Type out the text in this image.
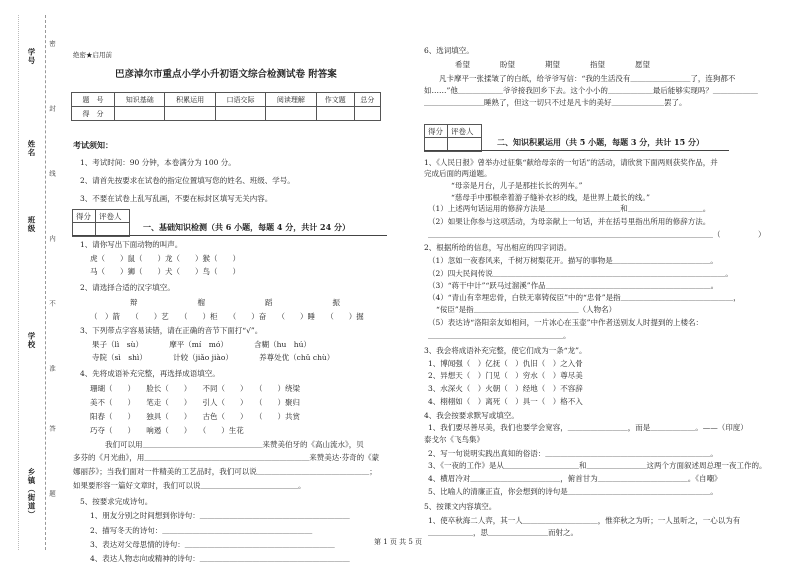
学号
姓名
班级
学校
乡镇（街道）
密
封
线
内
不
准
答
题
绝密★启用前
巴彦淖尔市重点小学小升初语文综合检测试卷 附答案
题　号	知识基础	积累运用	口语交际	阅读理解	作文题	总分
得　分						
考试须知：
1、考试时间：90 分钟，本卷满分为 100 分。
2、请首先按要求在试卷的指定位置填写您的姓名、班级、学号。
3、不要在试卷上乱写乱画，不要在标封区填写无关内容。
得分 评卷人
一、基础知识检测（共 6 小题，每题 4 分，共计 24 分）
1、请你写出下面动物的叫声。
虎（　　）鼠（　　）龙（　　）猴（　　）
马（　　）狮（　　）犬（　　）鸟（　　）
2、请选择合适的汉字填空。
辩　　　　　　　　榴　　　　　　　　蹈　　　　　　　　振
（　）箭　　（　　）艺　　（　　）柜　　（　　）奋　　（　　）睡　　（　　）掘
3、下列带点字容易读错，请在正确的音节下面打“√”。
果子（lì　sù）　　　　摩平（mí　mó）　　　　含糊（hu　hú）
寺院（sì　shì）　　　　计较（jiǎo jiào）　　　　养尊处优（chǔ chù）
4、先将成语补充完整，再选择成语填空。
珊瑚（　　）　　脸长（　　）　　不同（　　）　　（　　）绕梁
美不（　　）　　笔走（　　）　　引人（　　）　　（　　）聚归
阳春（　　）　　独具（　　）　　古色（　　）　　（　　）共赏
巧夺（　　）　　响遏（　　）　　（　　）生花
　　我们可以用＿＿＿＿＿＿＿＿＿＿＿＿＿＿＿＿来赞美伯牙的《高山流水》，贝
多芬的《月光曲》，用＿＿＿＿＿＿＿＿＿＿＿＿＿＿＿＿＿＿＿＿＿＿来赞美达·芬奇的《蒙
娜丽莎》；当我们面对一件精美的工艺品时，我们可以说＿＿＿＿＿＿＿＿＿＿＿＿＿＿＿；
如果要形容一篇好文章时，我们可以说＿＿＿＿＿＿＿＿＿＿＿＿＿。
5、按要求完成诗句。
1、朋友分别之时间想到你诗句：＿＿＿＿＿＿＿＿＿＿＿＿＿＿＿＿＿＿＿＿
2、描写冬天的诗句：＿＿＿＿＿＿＿＿＿＿＿＿＿＿＿＿＿＿＿＿
3、表达对父母思情的诗句：＿＿＿＿＿＿＿＿＿＿＿＿＿＿＿＿＿＿＿＿
4、表达人物志向或精神的诗句：＿＿＿＿＿＿＿＿＿＿＿＿＿＿＿＿＿＿＿＿
6、选词填空。
希望　　　　盼望　　　　期望　　　　指望　　　　愿望
　　凡卡摩平一张揉皱了的白纸，给爷爷写信：“我的生活没有＿＿＿＿＿＿＿＿了，连狗都不
如……”他＿＿＿＿＿＿爷爷接我回乡下去。这个小小的＿＿＿＿＿＿最后能够实现吗？＿＿＿＿＿＿
＿＿＿＿＿＿＿＿睡熟了，但这一切只不过是凡卡的美好＿＿＿＿＿＿＿罢了。
得分 评卷人
二、知识积累运用（共 5 小题，每题 3 分，共计 15 分）
1、《人民日报》曾举办过征集“献给母亲的一句话”的活动，请欣赏下面两则获奖作品，并
完成后面的两道题。
　　“母亲是月台，儿子是那挂长长的列车。”
　　“慈母手中那根牵着游子缝补衣衫的线，是世界上最长的线。”
（1）上述两句话运用的修辞方法是＿＿＿＿＿＿＿＿＿＿和＿＿＿＿＿＿＿＿＿＿。
（2）如果让你参与这项活动，为母亲献上一句话，并在括号里指出所用的修辞方法。
＿＿＿＿＿＿＿＿＿＿＿＿＿＿＿＿＿＿＿＿＿＿＿＿＿＿＿＿＿＿＿＿＿＿＿＿＿＿（　　　　　）
2、根据所给的信息，写出相应的四字词语。
（1）忽如一夜春风来，千树万树梨花开。描写的事物是＿＿＿＿＿＿＿＿＿＿＿＿＿。
（2）四大民间传说＿＿＿＿＿＿＿＿＿＿＿＿＿＿＿＿＿＿＿＿＿＿＿＿＿＿＿＿＿＿＿。
（3）“蒋干中计”“跃马过溜溪”作品＿＿＿＿＿＿＿＿＿＿＿＿＿＿＿＿＿＿＿＿＿＿。
（4）“青山有幸埋忠骨，白铁无辜铸佞臣”中的“忠骨”是指＿＿＿＿＿＿＿＿＿＿＿＿＿＿＿，
“佞臣”是指＿＿＿＿＿＿＿＿＿＿＿＿＿＿（人物名）
（5）表达诗“洛阳亲友如相问，一片冰心在玉壶”中作者送别友人时提到的上楼名：
＿＿＿＿＿＿＿＿＿＿＿＿＿＿＿＿＿＿。
3、我会将成语补充完整，使它们成为一条“龙”。
1、博闻强（　）亿抚（　）仇旧（　）之入骨
2、异想天（　）门见（　）穷水（　）尊尽美
3、水深火（　）火朝（　）经地（　）不容辞
4、栩栩如（　）离死（　）具一（　）格不入
4、我会按要求默写或填空。
1、我们要尽善尽美，我们也要学会宽容，＿＿＿＿＿＿＿＿，而是＿＿＿＿＿＿。——（印度）
泰戈尔《飞鸟集》
2、写一句说明实践出真知的俗语：＿＿＿＿＿＿＿＿＿＿＿＿＿＿＿＿＿＿＿＿＿＿。
3、《一夜的工作》是从＿＿＿＿＿＿＿＿＿＿和＿＿＿＿＿＿＿＿这两个方面叙述周总理一夜工作的。
4、横眉冷对＿＿＿＿＿＿＿＿＿＿＿＿，俯首甘为＿＿＿＿＿＿＿＿＿＿＿＿。《自嘲》
5、比喻人的清廉正直，你会想到的诗句是＿＿＿＿＿＿＿＿＿＿＿＿＿＿＿＿＿＿＿。
5、按课文内容填空。
1、使卒秋海二人弈，其一人＿＿＿＿＿＿＿＿＿＿，惟弈秋之为听；一人虽听之，一心以为有
＿＿＿＿＿＿，思＿＿＿＿＿＿＿＿而射之。
第 1 页 共 5 页
